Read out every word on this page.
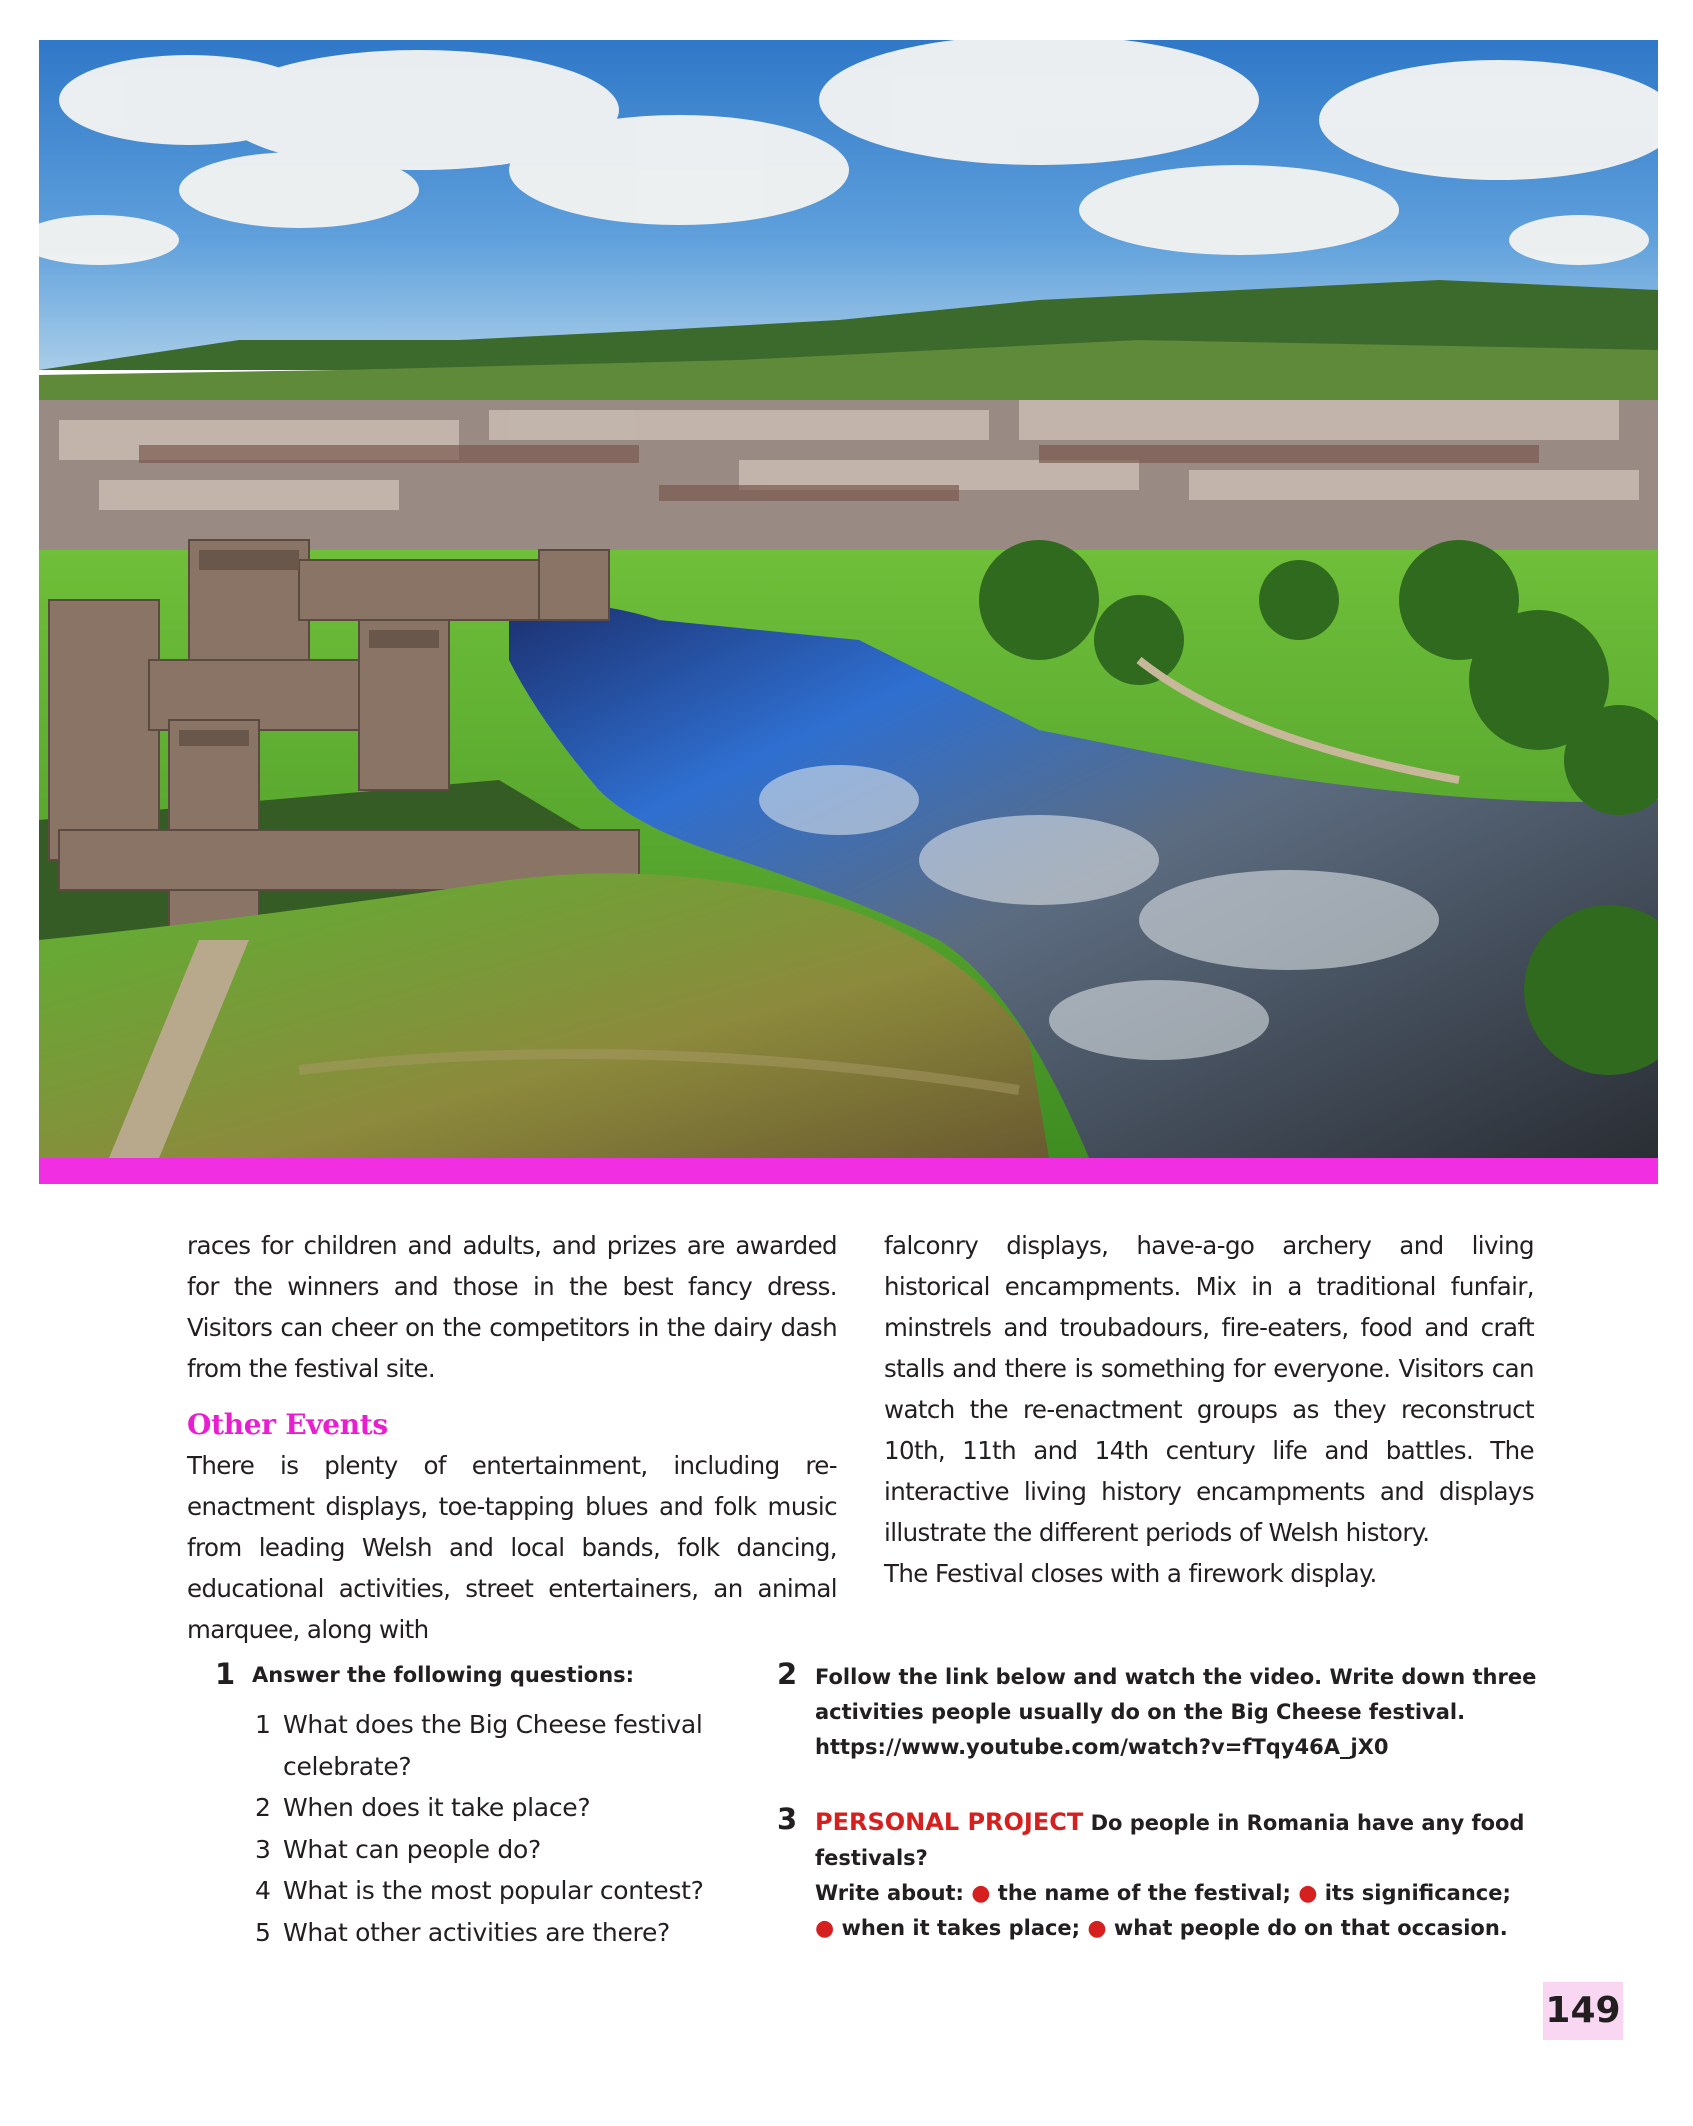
races for children and adults, and prizes are awarded for the winners and those in the best fancy dress. Visitors can cheer on the competitors in the dairy dash from the festival site.

Other Events

There is plenty of entertainment, including re-enactment displays, toe-tapping blues and folk music from leading Welsh and local bands, folk dancing, educational activities, street entertainers, an animal marquee, along with

falconry displays, have-a-go archery and living historical encampments. Mix in a traditional funfair, minstrels and troubadours, fire-eaters, food and craft stalls and there is something for everyone. Visitors can watch the re-enactment groups as they reconstruct 10th, 11th and 14th century life and battles. The interactive living history encampments and displays illustrate the different periods of Welsh history.

The Festival closes with a firework display.

1 Answer the following questions:
1 What does the Big Cheese festival celebrate?
2 When does it take place?
3 What can people do?
4 What is the most popular contest?
5 What other activities are there?
2 Follow the link below and watch the video. Write down three activities people usually do on the Big Cheese festival.
https://www.youtube.com/watch?v=fTqy46A_jX0
3 PERSONAL PROJECT Do people in Romania have any food festivals?
Write about: ● the name of the festival; ● its significance;
● when it takes place; ● what people do on that occasion.
149
